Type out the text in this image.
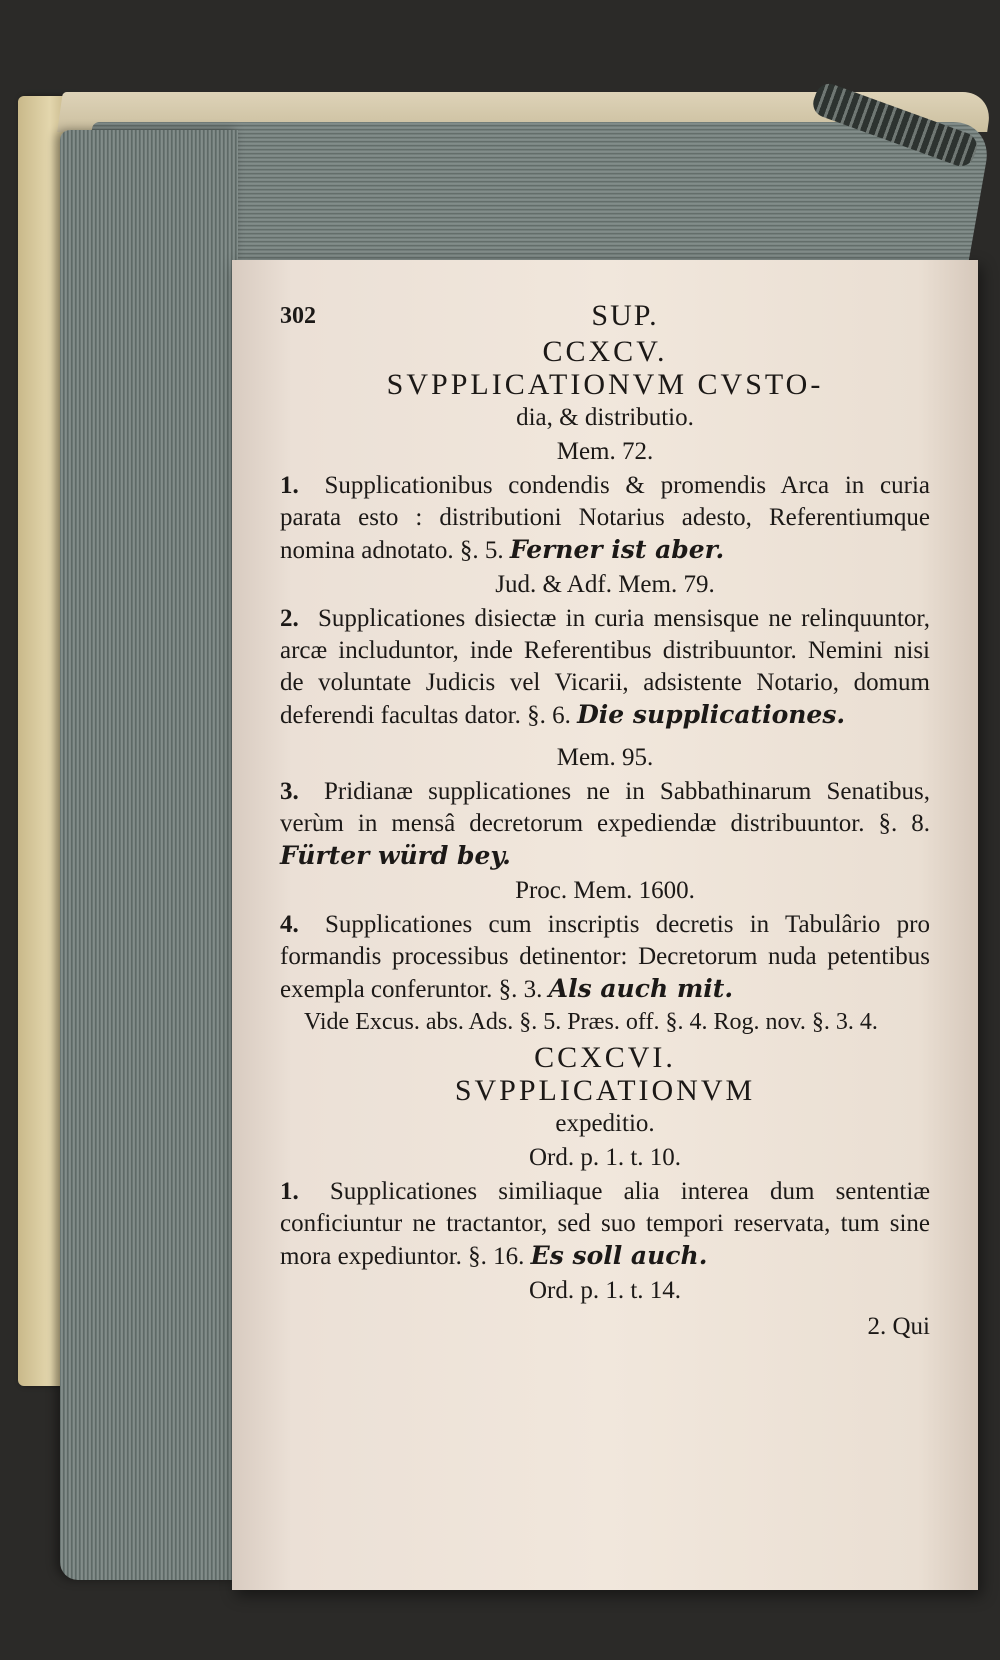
302	SUP.
CCXCV.
SVPPLICATIONVM CVSTO-
dia, & distributio.
Mem. 72.
1. Supplicationibus condendis & promendis Arca in curia parata esto : distributioni Notarius adesto, Referentiumque nomina adnotato. §. 5. Ferner ist aber.
Jud. & Adf. Mem. 79.
2. Supplicationes disiectæ in curia mensisque ne relinquuntor, arcæ includuntor, inde Referentibus distribuuntor. Nemini nisi de voluntate Judicis vel Vicarii, adsistente Notario, domum deferendi facultas dator. §. 6. Die supplicationes.
Mem. 95.
3. Pridianæ supplicationes ne in Sabbathinarum Senatibus, verùm in mensâ decretorum expediendæ distribuuntor. §. 8. Fürter würd bey.
Proc. Mem. 1600.
4. Supplicationes cum inscriptis decretis in Tabulârio pro formandis processibus detinentor: Decretorum nuda petentibus exempla conferuntor. §. 3. Als auch mit.
Vide Excus. abs. Ads. §. 5. Præs. off. §. 4. Rog. nov. §. 3. 4.
CCXCVI.
SVPPLICATIONVM
expeditio.
Ord. p. 1. t. 10.
1. Supplicationes similiaque alia interea dum sententiæ conficiuntur ne tractantor, sed suo tempori reservata, tum sine mora expediuntor. §. 16. Es soll auch.
Ord. p. 1. t. 14.
2. Qui
